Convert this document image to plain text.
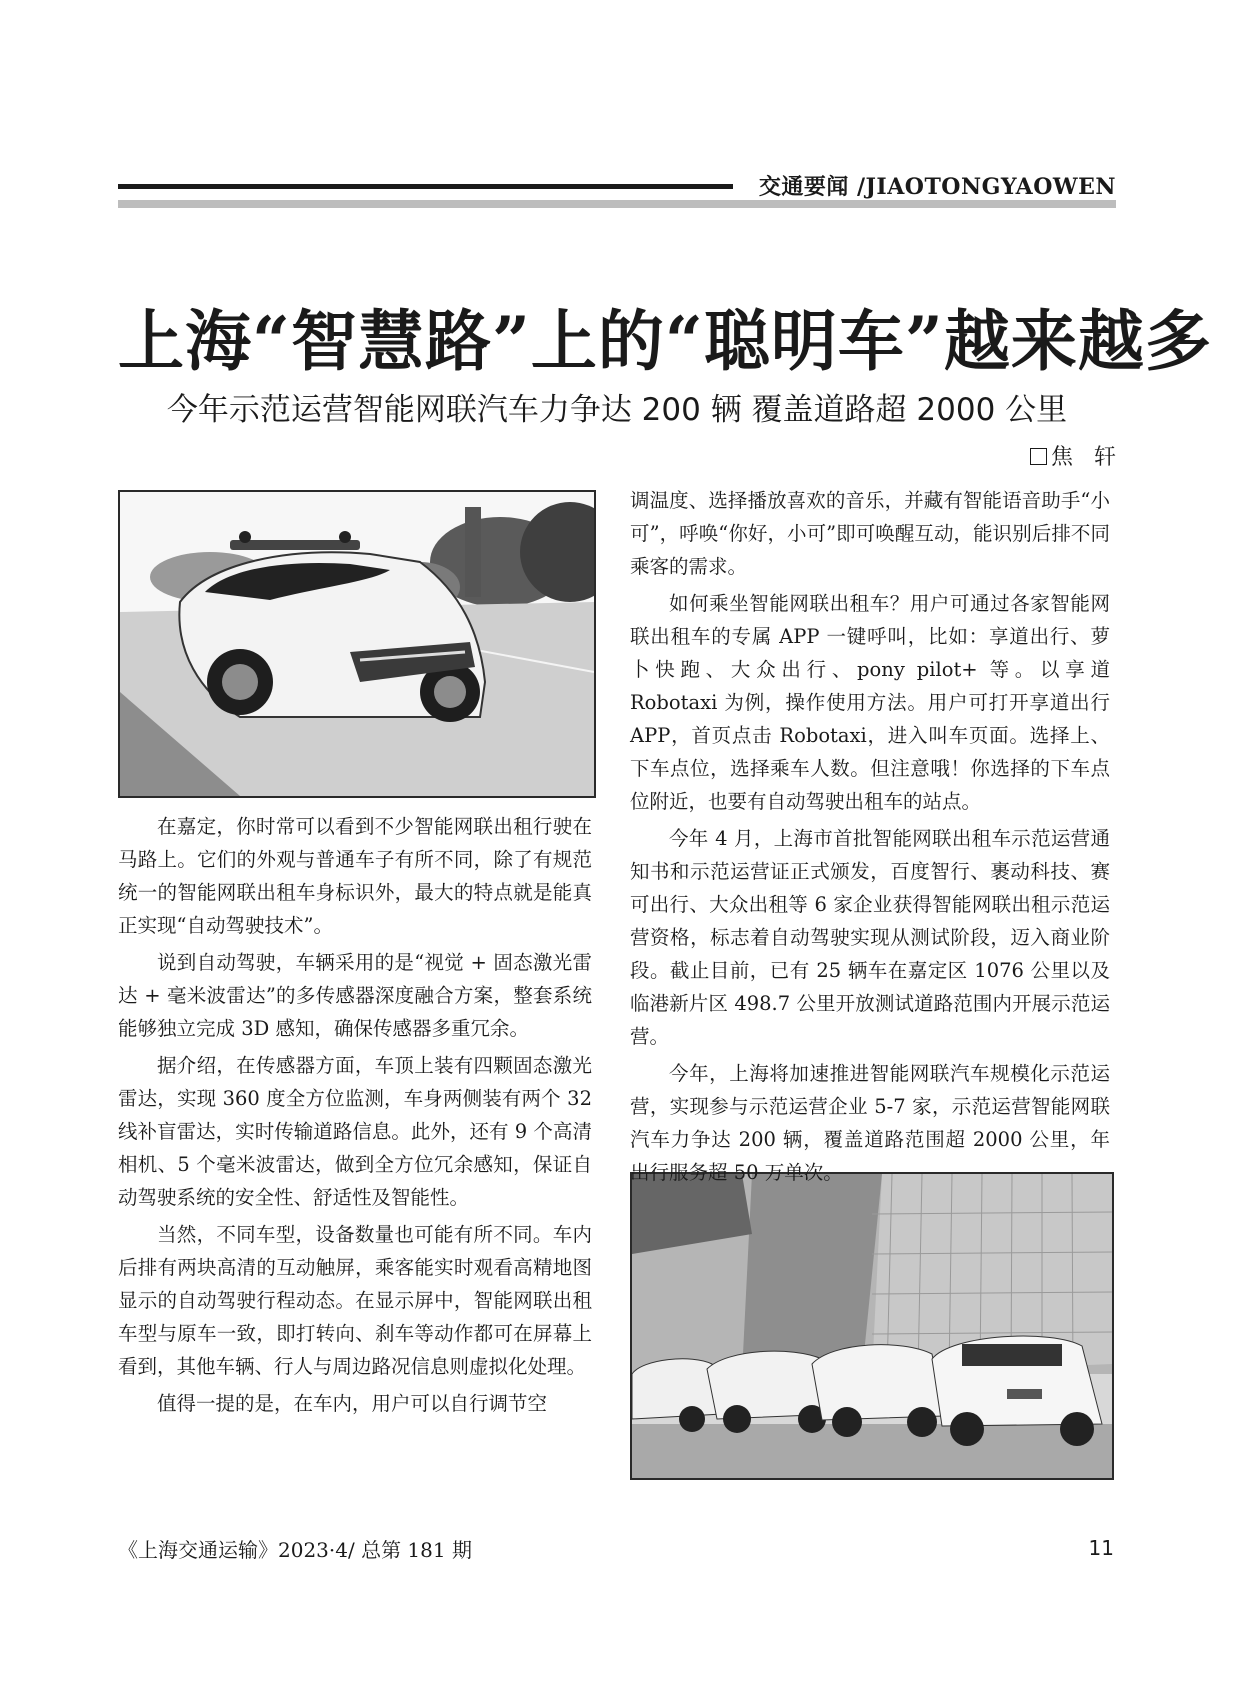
交通要闻 /JIAOTONGYAOWEN
上海“智慧路”上的“聪明车”越来越多
今年示范运营智能网联汽车力争达 200 辆 覆盖道路超 2000 公里
焦   轩

在嘉定，你时常可以看到不少智能网联出租行驶在马路上。它们的外观与普通车子有所不同，除了有规范统一的智能网联出租车身标识外，最大的特点就是能真正实现“自动驾驶技术”。

说到自动驾驶，车辆采用的是“视觉 + 固态激光雷达 + 毫米波雷达”的多传感器深度融合方案，整套系统能够独立完成 3D 感知，确保传感器多重冗余。

据介绍，在传感器方面，车顶上装有四颗固态激光雷达，实现 360 度全方位监测，车身两侧装有两个 32 线补盲雷达，实时传输道路信息。此外，还有 9 个高清相机、5 个毫米波雷达，做到全方位冗余感知，保证自动驾驶系统的安全性、舒适性及智能性。

当然，不同车型，设备数量也可能有所不同。车内后排有两块高清的互动触屏，乘客能实时观看高精地图显示的自动驾驶行程动态。在显示屏中，智能网联出租车型与原车一致，即打转向、刹车等动作都可在屏幕上看到，其他车辆、行人与周边路况信息则虚拟化处理。

值得一提的是，在车内，用户可以自行调节空

调温度、选择播放喜欢的音乐，并藏有智能语音助手“小可”，呼唤“你好，小可”即可唤醒互动，能识别后排不同乘客的需求。

如何乘坐智能网联出租车？用户可通过各家智能网联出租车的专属 APP 一键呼叫，比如：享道出行、萝卜快跑、大众出行、pony pilot+ 等。以享道 Robotaxi 为例，操作使用方法。用户可打开享道出行 APP，首页点击 Robotaxi，进入叫车页面。选择上、下车点位，选择乘车人数。但注意哦！你选择的下车点位附近，也要有自动驾驶出租车的站点。

今年 4 月，上海市首批智能网联出租车示范运营通知书和示范运营证正式颁发，百度智行、裹动科技、赛可出行、大众出租等 6 家企业获得智能网联出租示范运营资格，标志着自动驾驶实现从测试阶段，迈入商业阶段。截止目前，已有 25 辆车在嘉定区 1076 公里以及临港新片区 498.7 公里开放测试道路范围内开展示范运营。

今年，上海将加速推进智能网联汽车规模化示范运营，实现参与示范运营企业 5-7 家，示范运营智能网联汽车力争达 200 辆，覆盖道路范围超 2000 公里，年出行服务超 50 万单次。

《上海交通运输》2023·4/ 总第 181 期	11
